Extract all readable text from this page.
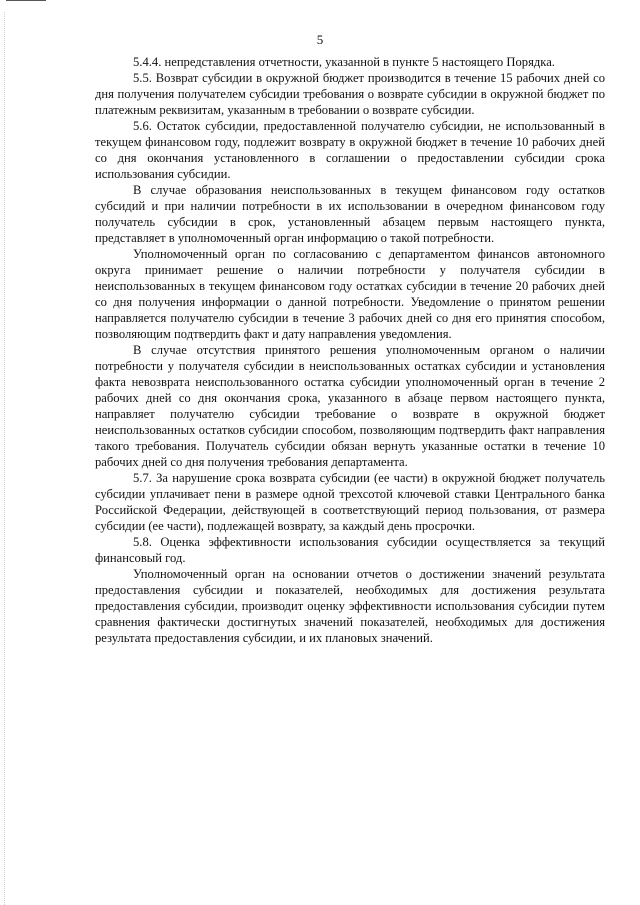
5

5.4.4. непредставления отчетности, указанной в пункте 5 настоящего Порядка.

5.5. Возврат субсидии в окружной бюджет производится в течение 15 рабочих дней со дня получения получателем субсидии требования о возврате субсидии в окружной бюджет по платежным реквизитам, указанным в требовании о возврате субсидии.

5.6. Остаток субсидии, предоставленной получателю субсидии, не использованный в текущем финансовом году, подлежит возврату в окружной бюджет в течение 10 рабочих дней со дня окончания установленного в соглашении о предоставлении субсидии срока использования субсидии.

В случае образования неиспользованных в текущем финансовом году остатков субсидий и при наличии потребности в их использовании в очередном финансовом году получатель субсидии в срок, установленный абзацем первым настоящего пункта, представляет в уполномоченный орган информацию о такой потребности.

Уполномоченный орган по согласованию с департаментом финансов автономного округа принимает решение о наличии потребности у получателя субсидии в неиспользованных в текущем финансовом году остатках субсидии в течение 20 рабочих дней со дня получения информации о данной потребности. Уведомление о принятом решении направляется получателю субсидии в течение 3 рабочих дней со дня его принятия способом, позволяющим подтвердить факт и дату направления уведомления.

В случае отсутствия принятого решения уполномоченным органом о наличии потребности у получателя субсидии в неиспользованных остатках субсидии и установления факта невозврата неиспользованного остатка субсидии уполномоченный орган в течение 2 рабочих дней со дня окончания срока, указанного в абзаце первом настоящего пункта, направляет получателю субсидии требование о возврате в окружной бюджет неиспользованных остатков субсидии способом, позволяющим подтвердить факт направления такого требования. Получатель субсидии обязан вернуть указанные остатки в течение 10 рабочих дней со дня получения требования департамента.

5.7. За нарушение срока возврата субсидии (ее части) в окружной бюджет получатель субсидии уплачивает пени в размере одной трехсотой ключевой ставки Центрального банка Российской Федерации, действующей в соответствующий период пользования, от размера субсидии (ее части), подлежащей возврату, за каждый день просрочки.

5.8. Оценка эффективности использования субсидии осуществляется за текущий финансовый год.

Уполномоченный орган на основании отчетов о достижении значений результата предоставления субсидии и показателей, необходимых для достижения результата предоставления субсидии, производит оценку эффективности использования субсидии путем сравнения фактически достигнутых значений показателей, необходимых для достижения результата предоставления субсидии, и их плановых значений.
